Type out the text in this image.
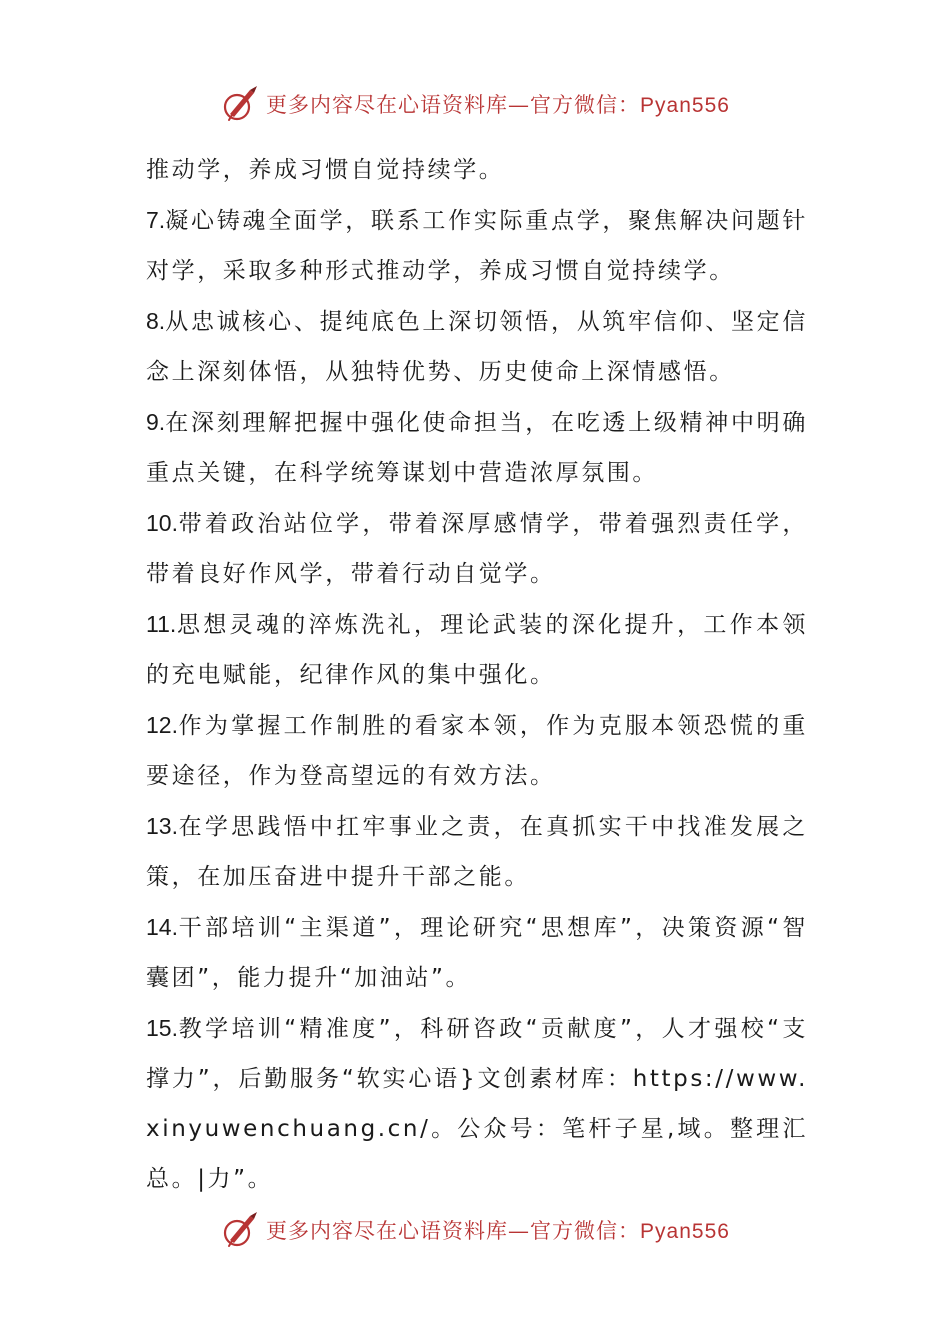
更多内容尽在心语资料库—官方微信：Pyan556

推动学，养成习惯自觉持续学。

7.凝心铸魂全面学，联系工作实际重点学，聚焦解决问题针对学，采取多种形式推动学，养成习惯自觉持续学。

8.从忠诚核心、提纯底色上深切领悟，从筑牢信仰、坚定信念上深刻体悟，从独特优势、历史使命上深情感悟。

9.在深刻理解把握中强化使命担当，在吃透上级精神中明确重点关键，在科学统筹谋划中营造浓厚氛围。

10.带着政治站位学，带着深厚感情学，带着强烈责任学，带着良好作风学，带着行动自觉学。

11.思想灵魂的淬炼洗礼，理论武装的深化提升，工作本领的充电赋能，纪律作风的集中强化。

12.作为掌握工作制胜的看家本领，作为克服本领恐慌的重要途径，作为登高望远的有效方法。

13.在学思践悟中扛牢事业之责，在真抓实干中找准发展之策，在加压奋进中提升干部之能。

14.干部培训“主渠道”，理论研究“思想库”，决策资源“智囊团”，能力提升“加油站”。

15.教学培训“精准度”，科研咨政“贡献度”，人才强校“支撑力”，后勤服务“软实心语}文创素材库：https://www.xinyuwenchuang.cn/。公众号：笔杆子星,域。整理汇总。|力”。

更多内容尽在心语资料库—官方微信：Pyan556
